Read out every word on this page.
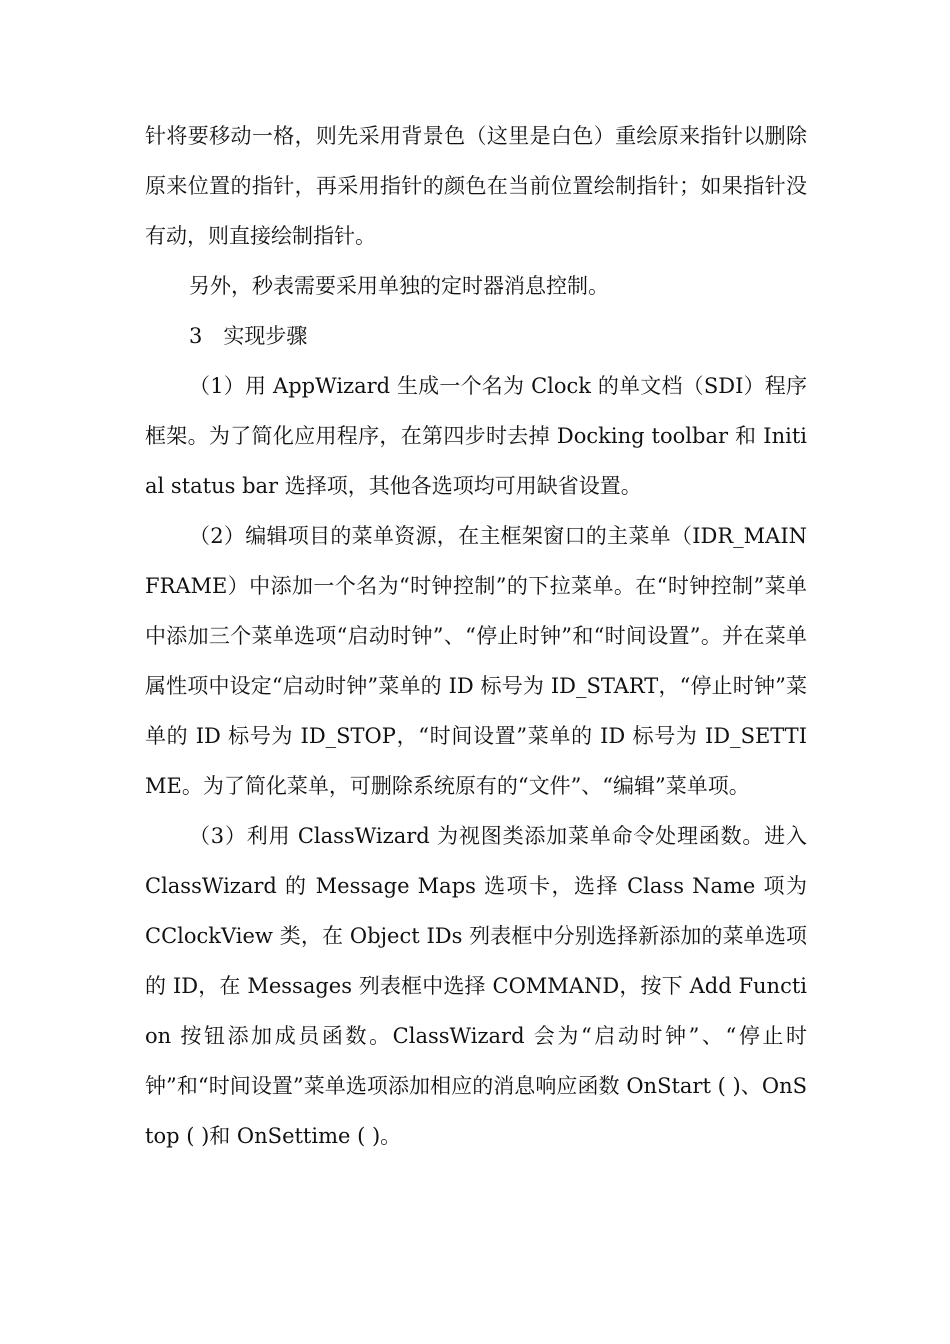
针将要移动一格，则先采用背景色（这里是白色）重绘原来指针以删除原来位置的指针，再采用指针的颜色在当前位置绘制指针；如果指针没有动，则直接绘制指针。

另外，秒表需要采用单独的定时器消息控制。

3　实现步骤

（1）用 AppWizard 生成一个名为 Clock 的单文档（SDI）程序框架。为了简化应用程序，在第四步时去掉 Docking toolbar 和 Initial status bar 选择项，其他各选项均可用缺省设置。

（2）编辑项目的菜单资源，在主框架窗口的主菜单（IDR_MAINFRAME）中添加一个名为“时钟控制”的下拉菜单。在“时钟控制”菜单中添加三个菜单选项“启动时钟”、“停止时钟”和“时间设置”。并在菜单属性项中设定“启动时钟”菜单的 ID 标号为 ID_START，“停止时钟”菜单的 ID 标号为 ID_STOP，“时间设置”菜单的 ID 标号为 ID_SETTIME。为了简化菜单，可删除系统原有的“文件”、“编辑”菜单项。

（3）利用 ClassWizard 为视图类添加菜单命令处理函数。进入 ClassWizard 的 Message Maps 选项卡，选择 Class Name 项为 CClockView 类，在 Object IDs 列表框中分别选择新添加的菜单选项的 ID，在 Messages 列表框中选择 COMMAND，按下 Add Function 按钮添加成员函数。ClassWizard 会为“启动时钟”、“停止时钟”和“时间设置”菜单选项添加相应的消息响应函数 OnStart ( )、OnStop ( )和 OnSettime ( )。
